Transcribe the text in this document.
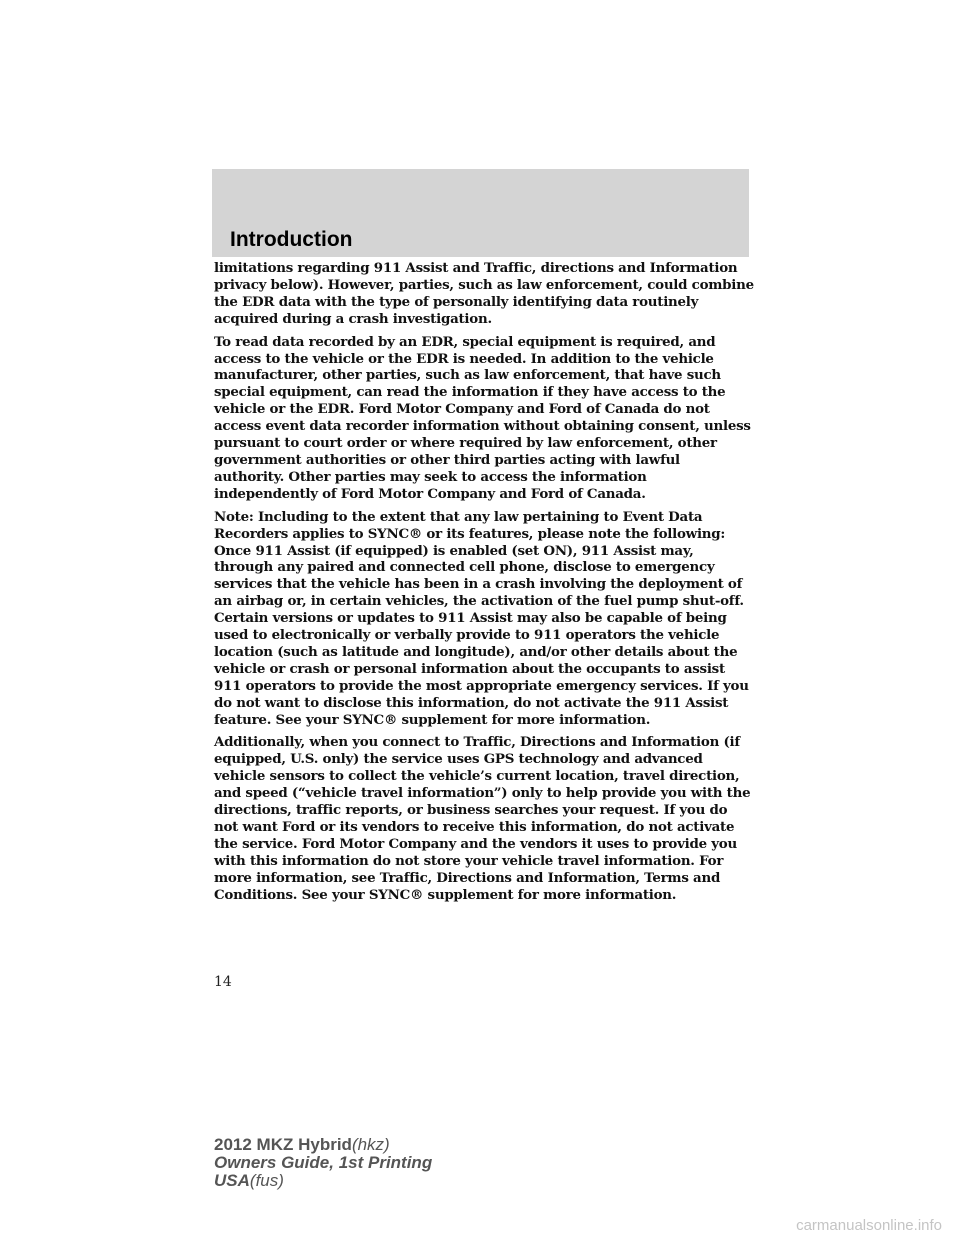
Introduction

limitations regarding 911 Assist and Traffic, directions and Information privacy below). However, parties, such as law enforcement, could combine the EDR data with the type of personally identifying data routinely acquired during a crash investigation.

To read data recorded by an EDR, special equipment is required, and access to the vehicle or the EDR is needed. In addition to the vehicle manufacturer, other parties, such as law enforcement, that have such special equipment, can read the information if they have access to the vehicle or the EDR. Ford Motor Company and Ford of Canada do not access event data recorder information without obtaining consent, unless pursuant to court order or where required by law enforcement, other government authorities or other third parties acting with lawful authority. Other parties may seek to access the information independently of Ford Motor Company and Ford of Canada.

Note: Including to the extent that any law pertaining to Event Data Recorders applies to SYNC® or its features, please note the following: Once 911 Assist (if equipped) is enabled (set ON), 911 Assist may, through any paired and connected cell phone, disclose to emergency services that the vehicle has been in a crash involving the deployment of an airbag or, in certain vehicles, the activation of the fuel pump shut-off. Certain versions or updates to 911 Assist may also be capable of being used to electronically or verbally provide to 911 operators the vehicle location (such as latitude and longitude), and/or other details about the vehicle or crash or personal information about the occupants to assist 911 operators to provide the most appropriate emergency services. If you do not want to disclose this information, do not activate the 911 Assist feature. See your SYNC® supplement for more information.

Additionally, when you connect to Traffic, Directions and Information (if equipped, U.S. only) the service uses GPS technology and advanced vehicle sensors to collect the vehicle’s current location, travel direction, and speed (“vehicle travel information”) only to help provide you with the directions, traffic reports, or business searches your request. If you do not want Ford or its vendors to receive this information, do not activate the service. Ford Motor Company and the vendors it uses to provide you with this information do not store your vehicle travel information. For more information, see Traffic, Directions and Information, Terms and Conditions. See your SYNC® supplement for more information.

14
2012 MKZ Hybrid(hkz)
Owners Guide, 1st Printing
USA(fus)
carmanualsonline.info
